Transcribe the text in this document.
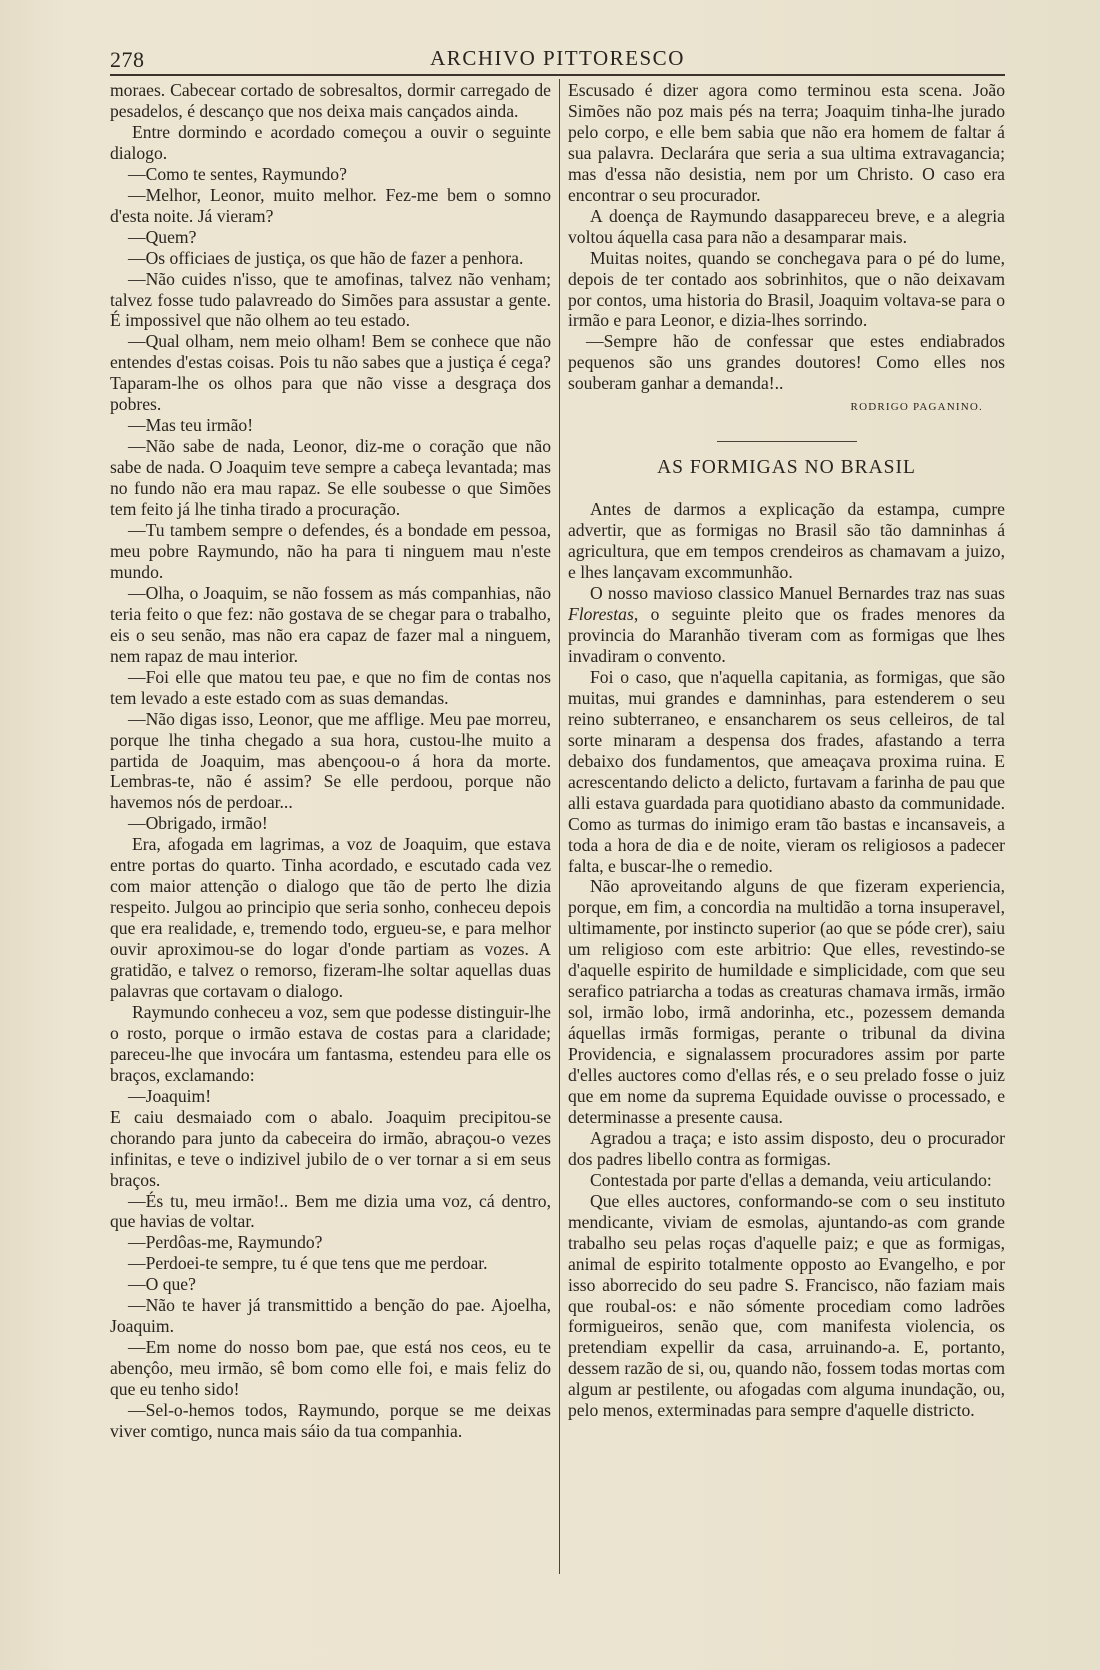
278	ARCHIVO PITTORESCO

moraes. Cabecear cortado de sobresaltos, dormir carregado de pesadelos, é descanço que nos deixa mais cançados ainda.

Entre dormindo e acordado começou a ouvir o seguinte dialogo.

—Como te sentes, Raymundo?

—Melhor, Leonor, muito melhor. Fez-me bem o somno d'esta noite. Já vieram?

—Quem?

—Os officiaes de justiça, os que hão de fazer a penhora.

—Não cuides n'isso, que te amofinas, talvez não venham; talvez fosse tudo palavreado do Simões para assustar a gente. É impossivel que não olhem ao teu estado.

—Qual olham, nem meio olham! Bem se conhece que não entendes d'estas coisas. Pois tu não sabes que a justiça é cega? Taparam-lhe os olhos para que não visse a desgraça dos pobres.

—Mas teu irmão!

—Não sabe de nada, Leonor, diz-me o coração que não sabe de nada. O Joaquim teve sempre a cabeça levantada; mas no fundo não era mau rapaz. Se elle soubesse o que Simões tem feito já lhe tinha tirado a procuração.

—Tu tambem sempre o defendes, és a bondade em pessoa, meu pobre Raymundo, não ha para ti ninguem mau n'este mundo.

—Olha, o Joaquim, se não fossem as más companhias, não teria feito o que fez: não gostava de se chegar para o trabalho, eis o seu senão, mas não era capaz de fazer mal a ninguem, nem rapaz de mau interior.

—Foi elle que matou teu pae, e que no fim de contas nos tem levado a este estado com as suas demandas.

—Não digas isso, Leonor, que me afflige. Meu pae morreu, porque lhe tinha chegado a sua hora, custou-lhe muito a partida de Joaquim, mas abençoou-o á hora da morte. Lembras-te, não é assim? Se elle perdoou, porque não havemos nós de perdoar...

—Obrigado, irmão!

Era, afogada em lagrimas, a voz de Joaquim, que estava entre portas do quarto. Tinha acordado, e escutado cada vez com maior attenção o dialogo que tão de perto lhe dizia respeito. Julgou ao principio que seria sonho, conheceu depois que era realidade, e, tremendo todo, ergueu-se, e para melhor ouvir aproximou-se do logar d'onde partiam as vozes. A gratidão, e talvez o remorso, fizeram-lhe soltar aquellas duas palavras que cortavam o dialogo.

Raymundo conheceu a voz, sem que podesse distinguir-lhe o rosto, porque o irmão estava de costas para a claridade; pareceu-lhe que invocára um fantasma, estendeu para elle os braços, exclamando:

—Joaquim!

E caiu desmaiado com o abalo. Joaquim precipitou-se chorando para junto da cabeceira do irmão, abraçou-o vezes infinitas, e teve o indizivel jubilo de o ver tornar a si em seus braços.

—És tu, meu irmão!.. Bem me dizia uma voz, cá dentro, que havias de voltar.

—Perdôas-me, Raymundo?

—Perdoei-te sempre, tu é que tens que me perdoar.

—O que?

—Não te haver já transmittido a benção do pae. Ajoelha, Joaquim.

—Em nome do nosso bom pae, que está nos ceos, eu te abençôo, meu irmão, sê bom como elle foi, e mais feliz do que eu tenho sido!

—Sel-o-hemos todos, Raymundo, porque se me deixas viver comtigo, nunca mais sáio da tua companhia.

Escusado é dizer agora como terminou esta scena. João Simões não poz mais pés na terra; Joaquim tinha-lhe jurado pelo corpo, e elle bem sabia que não era homem de faltar á sua palavra. Declarára que seria a sua ultima extravagancia; mas d'essa não desistia, nem por um Christo. O caso era encontrar o seu procurador.

A doença de Raymundo dasappareceu breve, e a alegria voltou áquella casa para não a desamparar mais.

Muitas noites, quando se conchegava para o pé do lume, depois de ter contado aos sobrinhitos, que o não deixavam por contos, uma historia do Brasil, Joaquim voltava-se para o irmão e para Leonor, e dizia-lhes sorrindo.

—Sempre hão de confessar que estes endiabrados pequenos são uns grandes doutores! Como elles nos souberam ganhar a demanda!..

RODRIGO PAGANINO.
AS FORMIGAS NO BRASIL

Antes de darmos a explicação da estampa, cumpre advertir, que as formigas no Brasil são tão damninhas á agricultura, que em tempos crendeiros as chamavam a juizo, e lhes lançavam excommunhão.

O nosso mavioso classico Manuel Bernardes traz nas suas Florestas, o seguinte pleito que os frades menores da provincia do Maranhão tiveram com as formigas que lhes invadiram o convento.

Foi o caso, que n'aquella capitania, as formigas, que são muitas, mui grandes e damninhas, para estenderem o seu reino subterraneo, e ensancharem os seus celleiros, de tal sorte minaram a despensa dos frades, afastando a terra debaixo dos fundamentos, que ameaçava proxima ruina. E acrescentando delicto a delicto, furtavam a farinha de pau que alli estava guardada para quotidiano abasto da communidade. Como as turmas do inimigo eram tão bastas e incansaveis, a toda a hora de dia e de noite, vieram os religiosos a padecer falta, e buscar-lhe o remedio.

Não aproveitando alguns de que fizeram experiencia, porque, em fim, a concordia na multidão a torna insuperavel, ultimamente, por instincto superior (ao que se póde crer), saiu um religioso com este arbitrio: Que elles, revestindo-se d'aquelle espirito de humildade e simplicidade, com que seu serafico patriarcha a todas as creaturas chamava irmãs, irmão sol, irmão lobo, irmã andorinha, etc., pozessem demanda áquellas irmãs formigas, perante o tribunal da divina Providencia, e signalassem procuradores assim por parte d'elles auctores como d'ellas rés, e o seu prelado fosse o juiz que em nome da suprema Equidade ouvisse o processado, e determinasse a presente causa.

Agradou a traça; e isto assim disposto, deu o procurador dos padres libello contra as formigas.

Contestada por parte d'ellas a demanda, veiu articulando:

Que elles auctores, conformando-se com o seu instituto mendicante, viviam de esmolas, ajuntando-as com grande trabalho seu pelas roças d'aquelle paiz; e que as formigas, animal de espirito totalmente opposto ao Evangelho, e por isso aborrecido do seu padre S. Francisco, não faziam mais que roubal-os: e não sómente procediam como ladrões formigueiros, senão que, com manifesta violencia, os pretendiam expellir da casa, arruinando-a. E, portanto, dessem razão de si, ou, quando não, fossem todas mortas com algum ar pestilente, ou afogadas com alguma inundação, ou, pelo menos, exterminadas para sempre d'aquelle districto.
